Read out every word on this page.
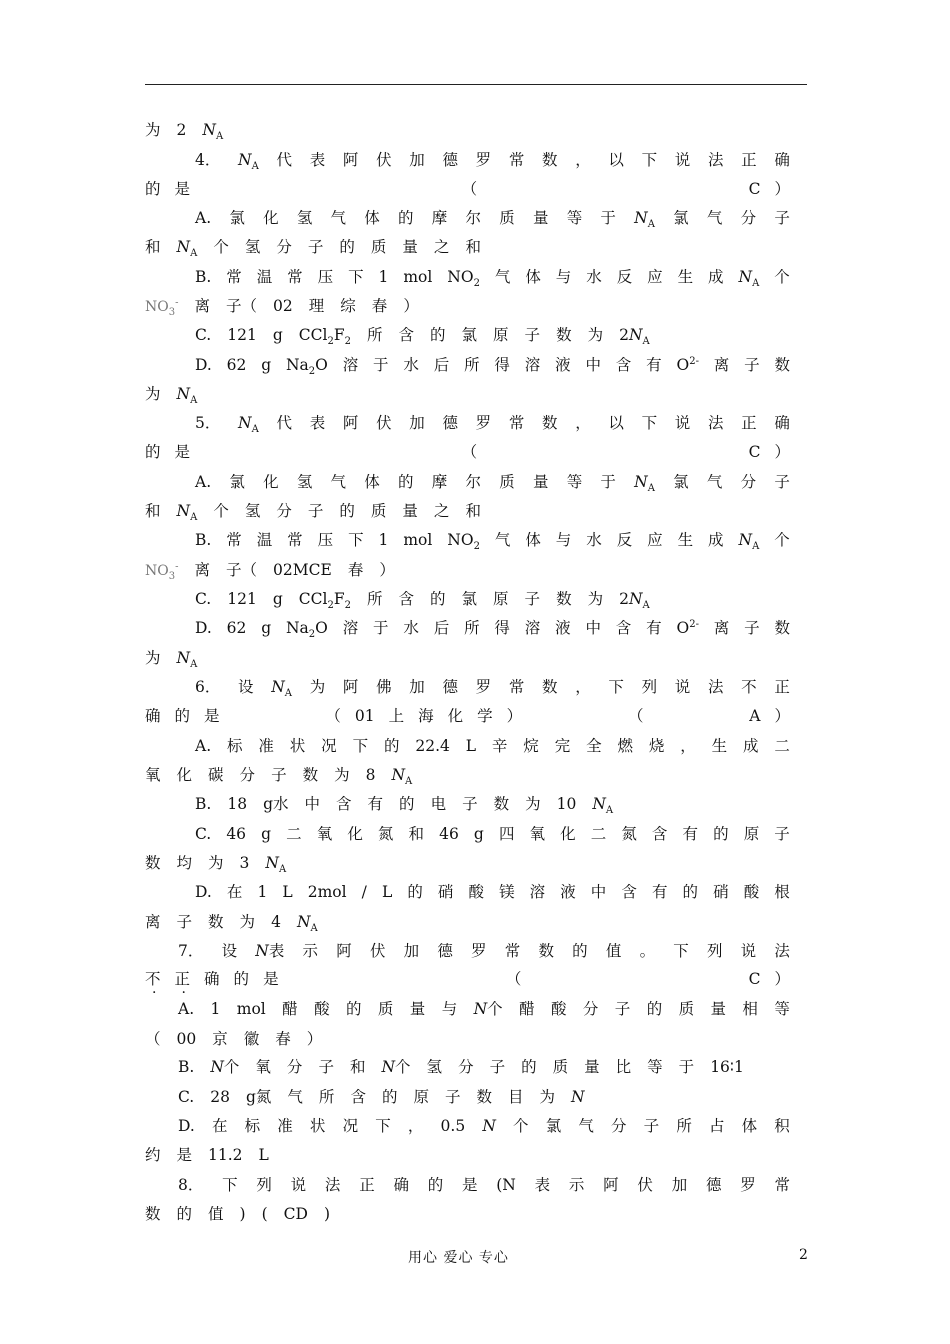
为 2 $N_A$
4． $N_A$ 代 表 阿 伏 加 德 罗 常 数 ， 以 下 说 法 正 确
的 是	（	C ）
A. 氯 化 氢 气 体 的 摩 尔 质 量 等 于 $N_A$ 氯 气 分 子
和 $N_A$ 个 氢 分 子 的 质 量 之 和
B. 常 温 常 压 下 1 mol $NO_2$ 气 体 与 水 反 应 生 成 $N_A$ 个
$NO_3^-$ 离 子（ 02 理 综 春 ）
C. 121 g $CCl_2F_2$ 所 含 的 氯 原 子 数 为 $2N_A$
D. 62 g $Na_2O$ 溶 于 水 后 所 得 溶 液 中 含 有 $O^{2-}$ 离 子 数
为 $N_A$
5． $N_A$ 代 表 阿 伏 加 德 罗 常 数 ， 以 下 说 法 正 确
的 是	（	C ）
A. 氯 化 氢 气 体 的 摩 尔 质 量 等 于 $N_A$ 氯 气 分 子
和 $N_A$ 个 氢 分 子 的 质 量 之 和
B. 常 温 常 压 下 1 mol $NO_2$ 气 体 与 水 反 应 生 成 $N_A$ 个
$NO_3^-$ 离 子（ 02MCE 春 ）
C. 121 g $CCl_2F_2$ 所 含 的 氯 原 子 数 为 $2N_A$
D. 62 g $Na_2O$ 溶 于 水 后 所 得 溶 液 中 含 有 $O^{2-}$ 离 子 数
为 $N_A$
6． 设 $N_A$ 为 阿 佛 加 德 罗 常 数 ， 下 列 说 法 不 正
确 的 是	（ 01 上 海 化 学 ）	（	A ）
A. 标 准 状 况 下 的 22.4 L 辛 烷 完 全 燃 烧 ， 生 成 二
氧 化 碳 分 子 数 为 8 $N_A$
B. 18 g水 中 含 有 的 电 子 数 为 10 $N_A$
C. 46 g 二 氧 化 氮 和 46 g 四 氧 化 二 氮 含 有 的 原 子
数 均 为 3 $N_A$
D. 在 1 L 2mol / L 的 硝 酸 镁 溶 液 中 含 有 的 硝 酸 根
离 子 数 为 4 $N_A$
7． 设 N表 示 阿 伏 加 德 罗 常 数 的 值 。 下 列 说 法
不 · 正 · 确 的 是	（	C ）
A. 1 mol 醋 酸 的 质 量 与 N个 醋 酸 分 子 的 质 量 相 等
（ 00 京 徽 春 ）
B. N个 氧 分 子 和 N个 氢 分 子 的 质 量 比 等 于 16∶1
C. 28 g氮 气 所 含 的 原 子 数 目 为 N
D. 在 标 准 状 况 下 ， 0.5 N 个 氯 气 分 子 所 占 体 积
约 是 11.2 L
8． 下 列 说 法 正 确 的 是 (N 表 示 阿 伏 加 德 罗 常
数 的 值 ) ( CD )
用心 爱心 专心	2
